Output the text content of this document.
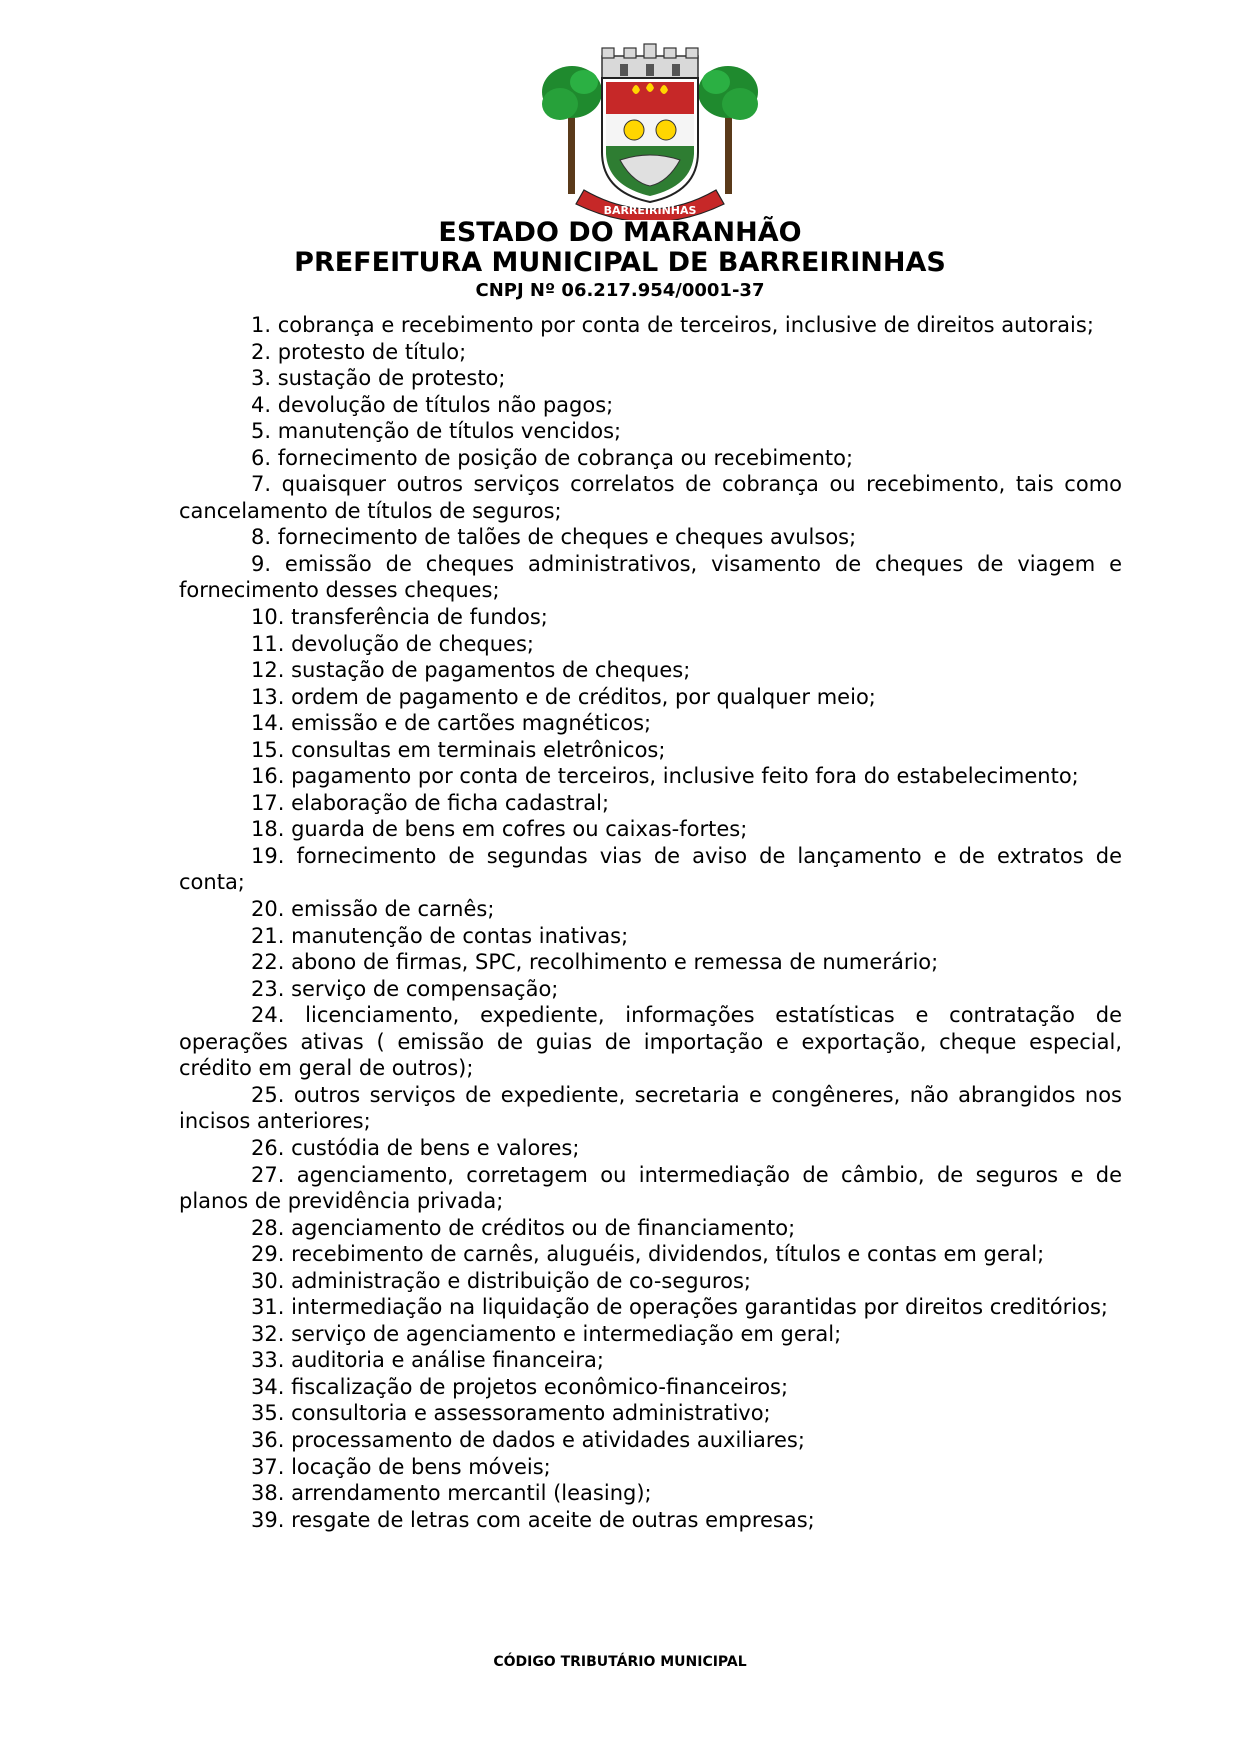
BARREIRINHAS

ESTADO DO MARANHÃO

PREFEITURA MUNICIPAL DE BARREIRINHAS

CNPJ Nº 06.217.954/0001-37

1. cobrança e recebimento por conta de terceiros, inclusive de direitos autorais;

2. protesto de título;

3. sustação de protesto;

4. devolução de títulos não pagos;

5. manutenção de títulos vencidos;

6. fornecimento de posição de cobrança ou recebimento;

7. quaisquer outros serviços correlatos de cobrança ou recebimento, tais como cancelamento de títulos de seguros;

8. fornecimento de talões de cheques e cheques avulsos;

9. emissão de cheques administrativos, visamento de cheques de viagem e fornecimento desses cheques;

10. transferência de fundos;

11. devolução de cheques;

12. sustação de pagamentos de cheques;

13. ordem de pagamento e de créditos, por qualquer meio;

14. emissão e de cartões magnéticos;

15. consultas em terminais eletrônicos;

16. pagamento por conta de terceiros, inclusive feito fora do estabelecimento;

17. elaboração de ficha cadastral;

18. guarda de bens em cofres ou caixas-fortes;

19. fornecimento de segundas vias de aviso de lançamento e de extratos de conta;

20. emissão de carnês;

21. manutenção de contas inativas;

22. abono de firmas, SPC, recolhimento e remessa de numerário;

23. serviço de compensação;

24. licenciamento, expediente, informações estatísticas e contratação de operações ativas ( emissão de guias de importação e exportação, cheque especial, crédito em geral de outros);

25. outros serviços de expediente, secretaria e congêneres, não abrangidos nos incisos anteriores;

26. custódia de bens e valores;

27. agenciamento, corretagem ou intermediação de câmbio, de seguros e de planos de previdência privada;

28. agenciamento de créditos ou de financiamento;

29. recebimento de carnês, aluguéis, dividendos, títulos e contas em geral;

30. administração e distribuição de co-seguros;

31. intermediação na liquidação de operações garantidas por direitos creditórios;

32. serviço de agenciamento e intermediação em geral;

33. auditoria e análise financeira;

34. fiscalização de projetos econômico-financeiros;

35. consultoria e assessoramento administrativo;

36. processamento de dados e atividades auxiliares;

37. locação de bens móveis;

38. arrendamento mercantil (leasing);

39. resgate de letras com aceite de outras empresas;

CÓDIGO TRIBUTÁRIO MUNICIPAL
